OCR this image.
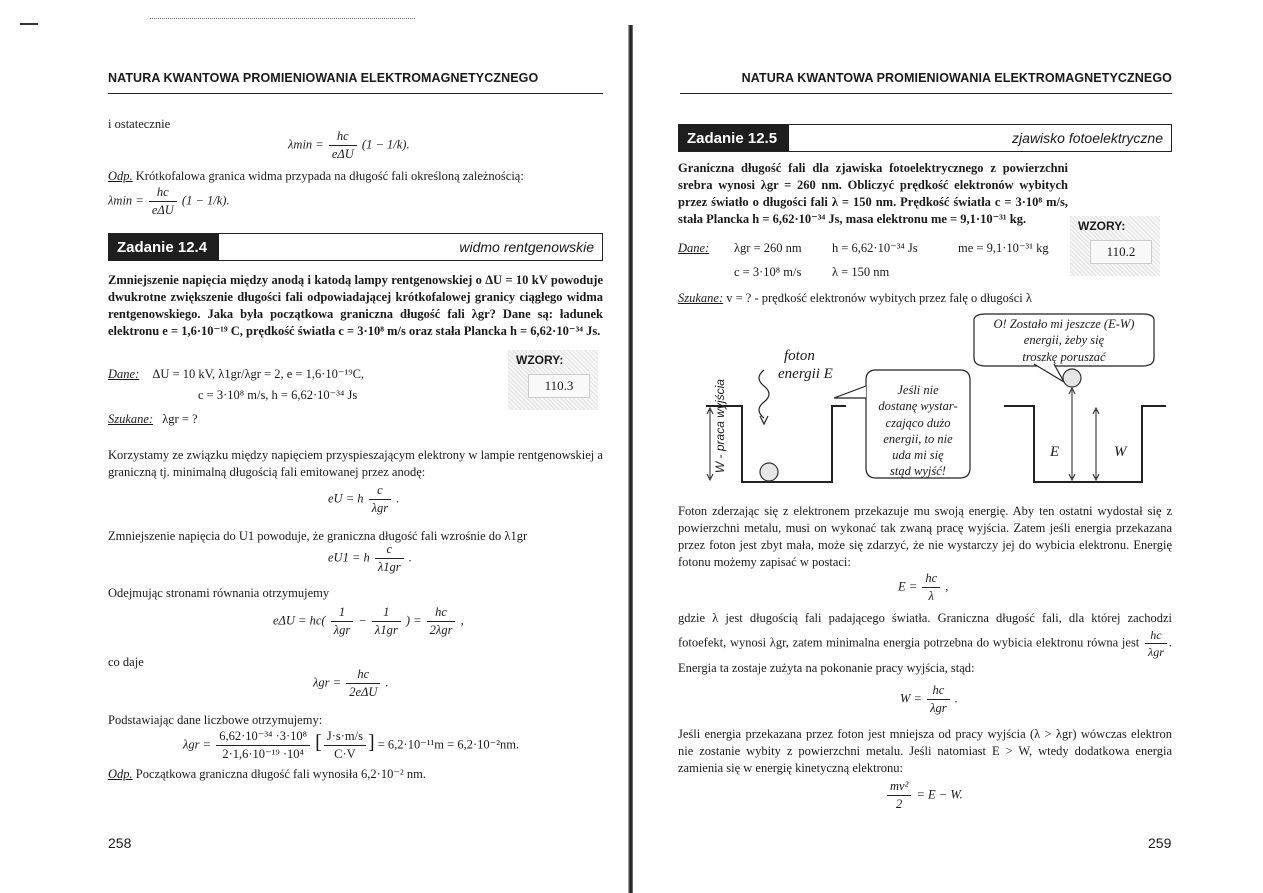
NATURA KWANTOWA PROMIENIOWANIA ELEKTROMAGNETYCZNEGO
i ostatecznie
$\lambda\min = \frac{hc}{\text{eΔU}} (1 - 1/k)$.
Odp. Krótkofalowa granica widma przypada na długość fali określoną zależnością:
$\lambda\min = \frac{hc}{\text{eΔU}} (1 - 1/k)$.
Zadanie 12.4	widmo rentgenowskie
Zmniejszenie napięcia między anodą i katodą lampy rentgenowskiej o ΔU = 10 kV powoduje dwukrotne zwiększenie długości fali odpowiadającej krótkofalowej granicy ciągłego widma rentgenowskiego. Jaka była początkowa graniczna długość fali λgr? Dane są: ładunek elektronu e = 1,6·10⁻¹⁹ C, prędkość światła c = 3·10⁸ m/s oraz stała Plancka h = 6,62·10⁻³⁴ Js.
WZORY:
110.3
Dane: ΔU = 10 kV, λ1gr/λgr = 2, e = 1,6·10⁻¹⁹C,
c = 3·10⁸ m/s, h = 6,62·10⁻³⁴ Js
Szukane: λgr = ?
Korzystamy ze związku między napięciem przyspieszającym elektrony w lampie rentgenowskiej a graniczną tj. minimalną długością fali emitowanej przez anodę:
eU = h $\frac{c}{\text{λgr}}$ .
Zmniejszenie napięcia do U1 powoduje, że graniczna długość fali wzrośnie do λ1gr
eU1 = h $\frac{c}{\lambda 1gr}$ .
Odejmując stronami równania otrzymujemy
$e\Delta U = hc( \frac{1}{\text{λgr}} - \frac{1}{\lambda 1gr}$ ) = $\frac{hc}{\text{2λgr}}$ ,
co daje
$\lambda gr = \frac{hc}{\text{2eΔU}}$ .
Podstawiając dane liczbowe otrzymujemy:
$\lambda gr = \frac{\text{6,62·10⁻³⁴ ·3·10⁸}}{\text{2·1,6·10⁻¹⁹ ·10⁴}}$ [ $\frac{J\cdot s\cdot m/s}{C\cdot V}$ ] = 6,2·10⁻¹¹m = 6,2·10⁻²nm.
Odp. Początkowa graniczna długość fali wynosiła 6,2·10⁻² nm.
258
NATURA KWANTOWA PROMIENIOWANIA ELEKTROMAGNETYCZNEGO
Zadanie 12.5	zjawisko fotoelektryczne
Graniczna długość fali dla zjawiska fotoelektrycznego z powierzchni srebra wynosi λgr = 260 nm. Obliczyć prędkość elektronów wybitych przez światło o długości fali λ = 150 nm. Prędkość światła c = 3·10⁸ m/s, stała Plancka h = 6,62·10⁻³⁴ Js, masa elektronu me = 9,1·10⁻³¹ kg.
WZORY:
110.2
Dane: λgr = 260 nm h = 6,62·10⁻³⁴ Js	me = 9,1·10⁻³¹ kg
c = 3·10⁸ m/s λ = 150 nm
Szukane: v = ? - prędkość elektronów wybitych przez falę o długości λ
W - praca wyjścia
foton
energii E
Jeśli nie
dostanę wystar-
czająco dużo
energii, to nie
uda mi się
stąd wyjść!
O! Zostało mi jeszcze (E-W)
energii, żeby się
troszkę poruszać
E	W
Foton zderzając się z elektronem przekazuje mu swoją energię. Aby ten ostatni wydostał się z powierzchni metalu, musi on wykonać tak zwaną pracę wyjścia. Zatem jeśli energia przekazana przez foton jest zbyt mała, może się zdarzyć, że nie wystarczy jej do wybicia elektronu. Energię fotonu możemy zapisać w postaci:
$E = \frac{hc}{\lambda}$ ,
gdzie λ jest długością fali padającego światła. Graniczna długość fali, dla której zachodzi fotoefekt, wynosi λgr, zatem minimalna energia potrzebna do wybicia elektronu równa jest $\frac{hc}{\text{λgr}}$ . Energia ta zostaje zużyta na pokonanie pracy wyjścia, stąd:
$W = \frac{hc}{\text{λgr}}$ .
Jeśli energia przekazana przez foton jest mniejsza od pracy wyjścia (λ > λgr) wówczas elektron nie zostanie wybity z powierzchni metalu. Jeśli natomiast E > W, wtedy dodatkowa energia zamienia się w energię kinetyczną elektronu:
$\frac{\text{mv²}}{2} = E - W$.
259
